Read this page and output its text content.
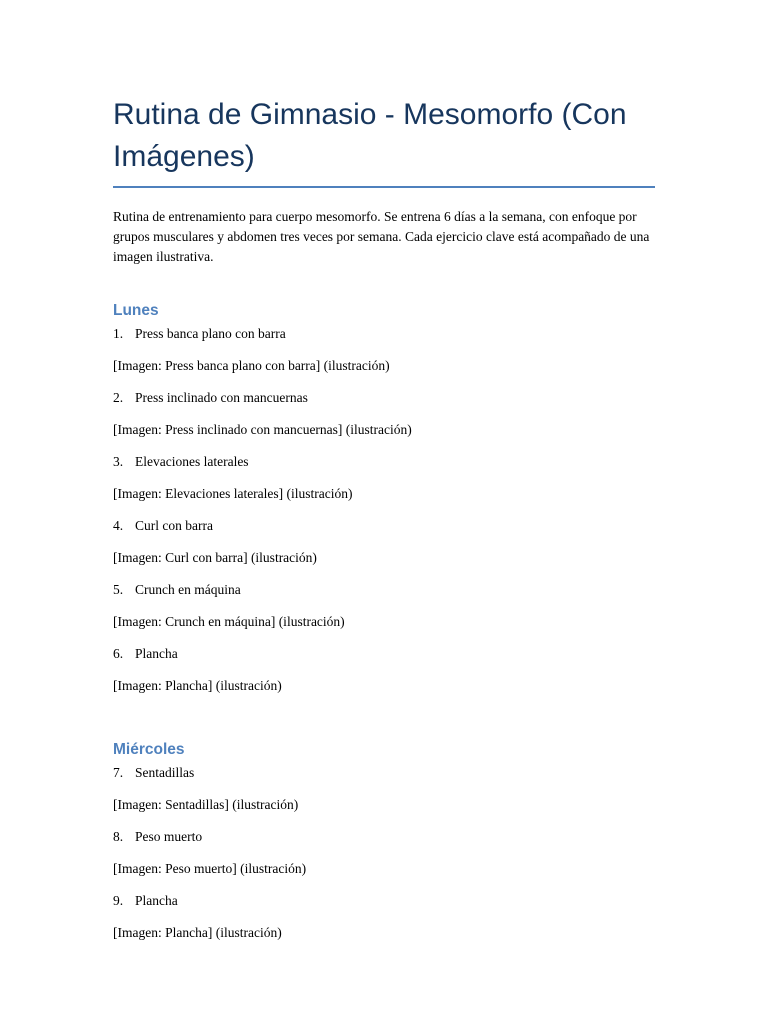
Rutina de Gimnasio - Mesomorfo (Con Imágenes)

Rutina de entrenamiento para cuerpo mesomorfo. Se entrena 6 días a la semana, con enfoque por grupos musculares y abdomen tres veces por semana. Cada ejercicio clave está acompañado de una imagen ilustrativa.

Lunes
1. Press banca plano con barra
[Imagen: Press banca plano con barra] (ilustración)
2. Press inclinado con mancuernas
[Imagen: Press inclinado con mancuernas] (ilustración)
3. Elevaciones laterales
[Imagen: Elevaciones laterales] (ilustración)
4. Curl con barra
[Imagen: Curl con barra] (ilustración)
5. Crunch en máquina
[Imagen: Crunch en máquina] (ilustración)
6. Plancha
[Imagen: Plancha] (ilustración)
Miércoles
7. Sentadillas
[Imagen: Sentadillas] (ilustración)
8. Peso muerto
[Imagen: Peso muerto] (ilustración)
9. Plancha
[Imagen: Plancha] (ilustración)
